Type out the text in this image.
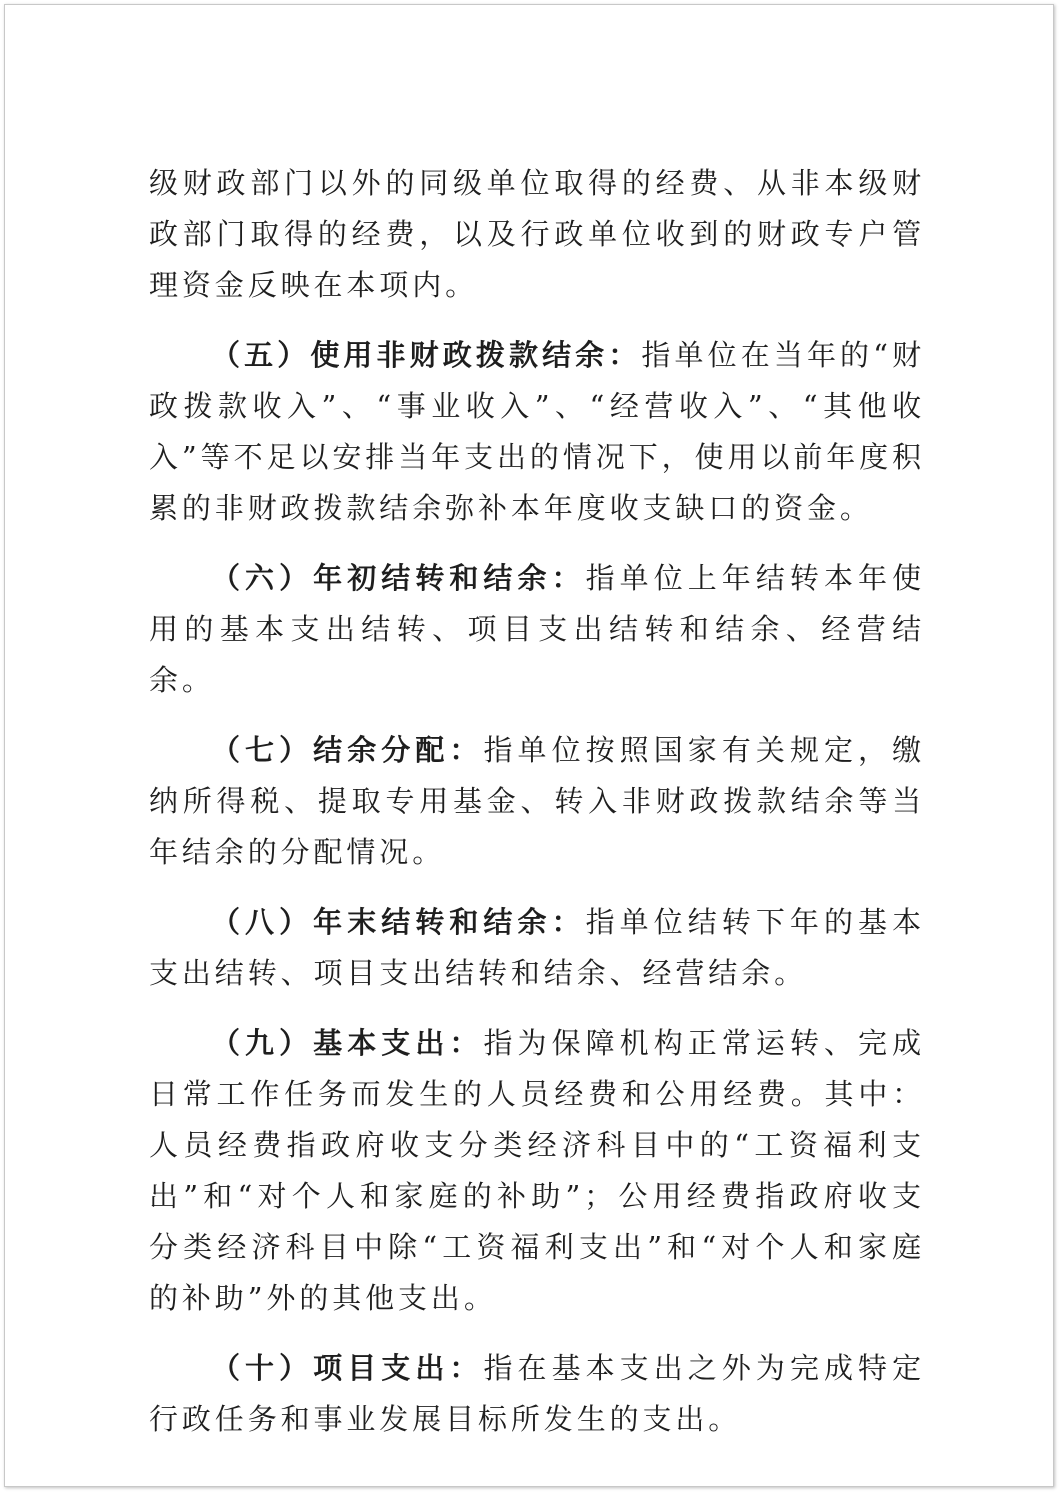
级财政部门以外的同级单位取得的经费、从非本级财政部门取得的经费，以及行政单位收到的财政专户管理资金反映在本项内。

（五）使用非财政拨款结余：指单位在当年的“财政拨款收入”、“事业收入”、“经营收入”、“其他收入”等不足以安排当年支出的情况下，使用以前年度积累的非财政拨款结余弥补本年度收支缺口的资金。

（六）年初结转和结余：指单位上年结转本年使用的基本支出结转、项目支出结转和结余、经营结余。

（七）结余分配：指单位按照国家有关规定，缴纳所得税、提取专用基金、转入非财政拨款结余等当年结余的分配情况。

（八）年末结转和结余：指单位结转下年的基本支出结转、项目支出结转和结余、经营结余。

（九）基本支出：指为保障机构正常运转、完成日常工作任务而发生的人员经费和公用经费。其中：人员经费指政府收支分类经济科目中的“工资福利支出”和“对个人和家庭的补助”；公用经费指政府收支分类经济科目中除“工资福利支出”和“对个人和家庭的补助”外的其他支出。

（十）项目支出：指在基本支出之外为完成特定行政任务和事业发展目标所发生的支出。
